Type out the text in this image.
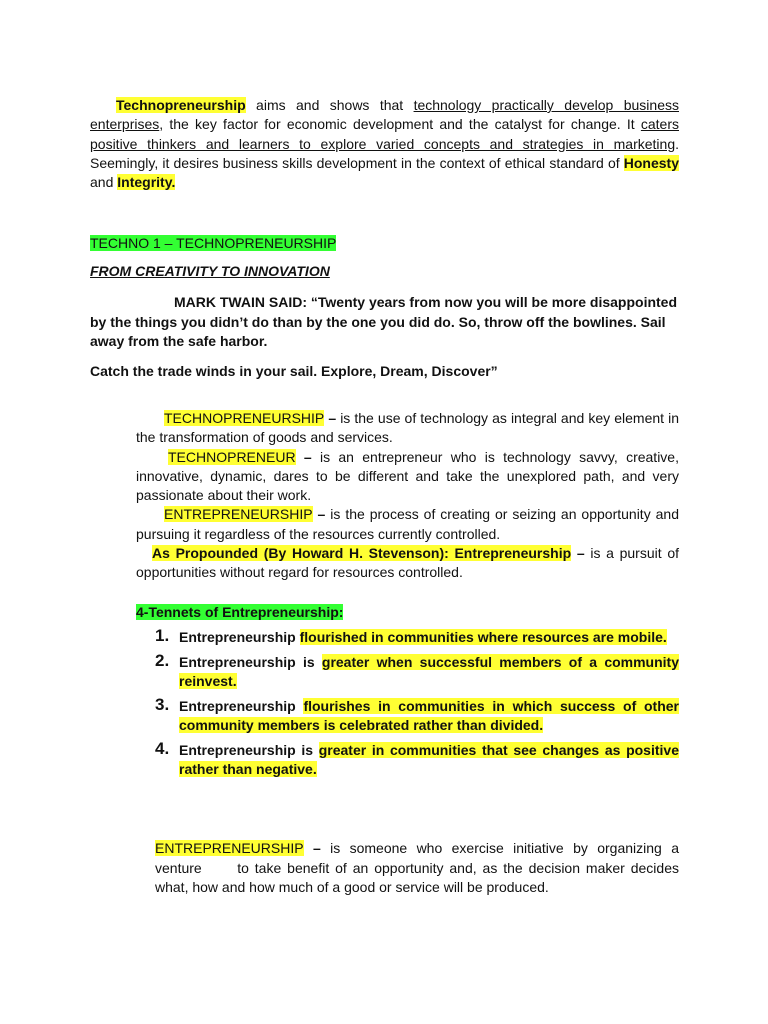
Technopreneurship aims and shows that technology practically develop business enterprises, the key factor for economic development and the catalyst for change. It caters positive thinkers and learners to explore varied concepts and strategies in marketing. Seemingly, it desires business skills development in the context of ethical standard of Honesty and Integrity.

TECHNO 1 – TECHNOPRENEURSHIP

FROM CREATIVITY TO INNOVATION

MARK TWAIN SAID: “Twenty years from now you will be more disappointed by the things you didn’t do than by the one you did do. So, throw off the bowlines. Sail away from the safe harbor.

Catch the trade winds in your sail. Explore, Dream, Discover”

TECHNOPRENEURSHIP – is the use of technology as integral and key element in the transformation of goods and services.

TECHNOPRENEUR – is an entrepreneur who is technology savvy, creative, innovative, dynamic, dares to be different and take the unexplored path, and very passionate about their work.

ENTREPRENEURSHIP – is the process of creating or seizing an opportunity and pursuing it regardless of the resources currently controlled.

As Propounded (By Howard H. Stevenson): Entrepreneurship – is a pursuit of opportunities without regard for resources controlled.

4-Tennets of Entrepreneurship:

1. Entrepreneurship flourished in communities where resources are mobile.
2. Entrepreneurship is greater when successful members of a community reinvest.
3. Entrepreneurship flourishes in communities in which success of other community members is celebrated rather than divided.
4. Entrepreneurship is greater in communities that see changes as positive rather than negative.

ENTREPRENEURSHIP – is someone who exercise initiative by organizing a venture      to take benefit of an opportunity and, as the decision maker decides what, how and how much of a good or service will be produced.
